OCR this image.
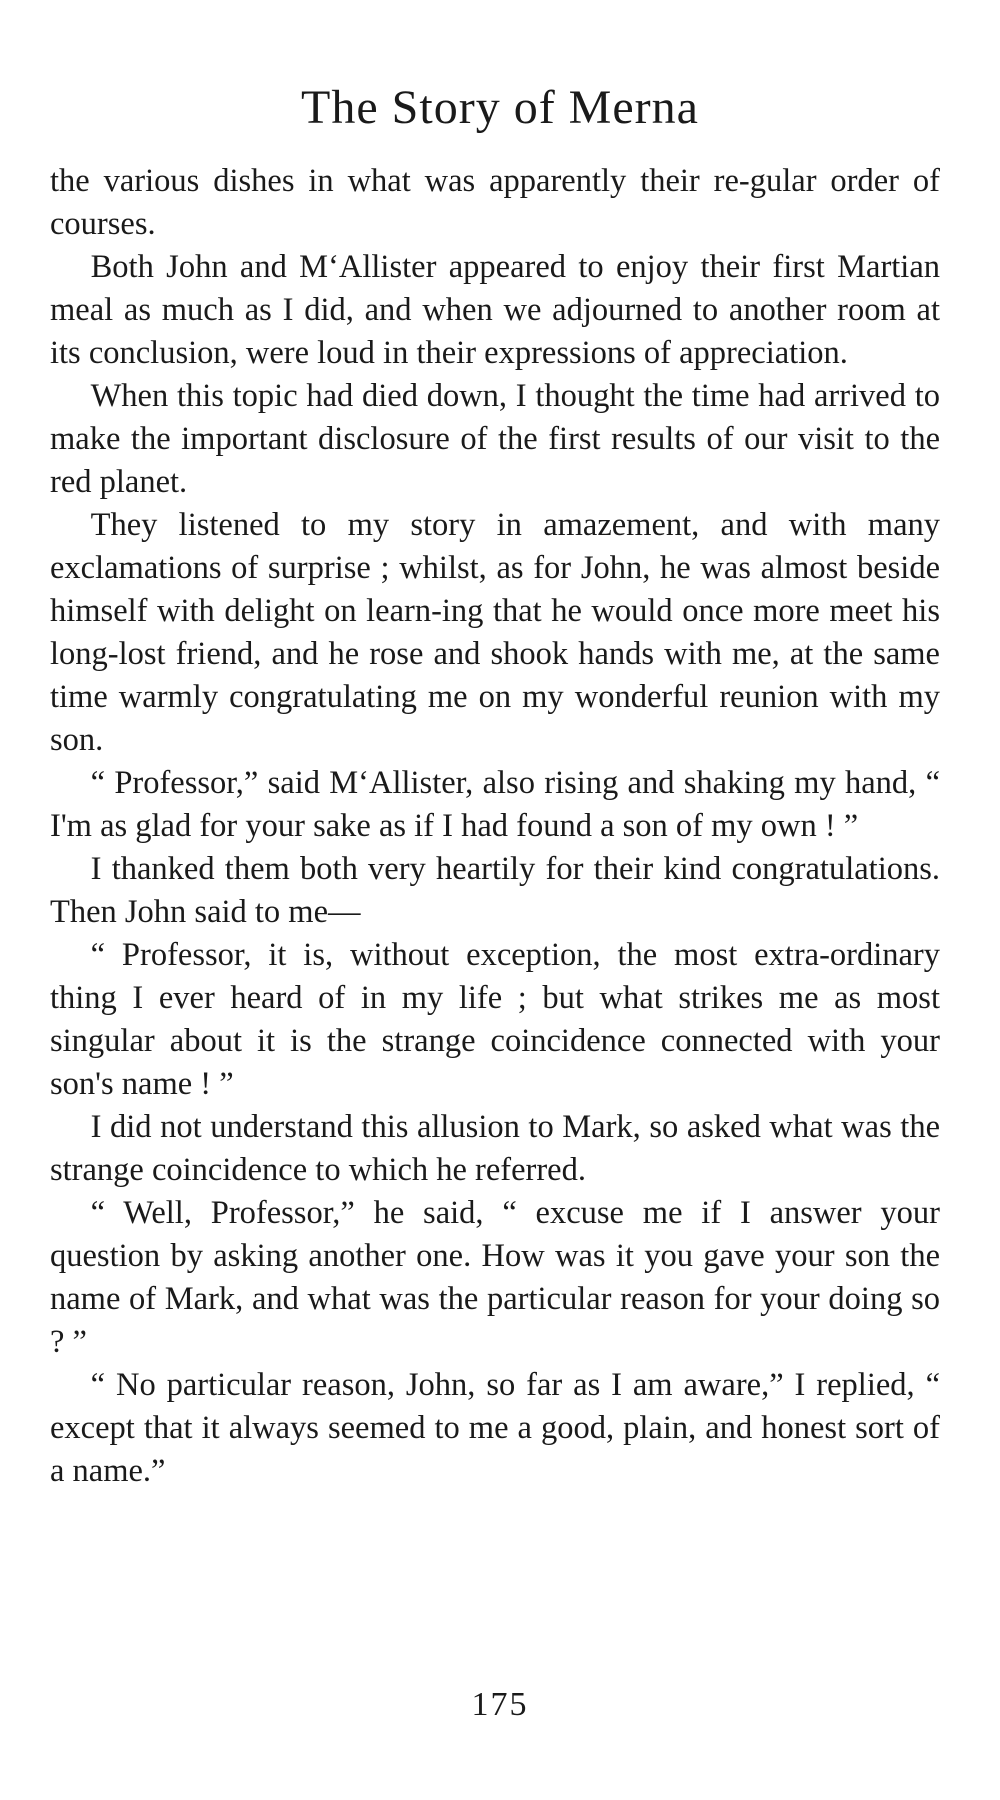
The Story of Merna

the various dishes in what was apparently their re-gular order of courses.

Both John and M‘Allister appeared to enjoy their first Martian meal as much as I did, and when we adjourned to another room at its conclusion, were loud in their expressions of appreciation.

When this topic had died down, I thought the time had arrived to make the important disclosure of the first results of our visit to the red planet.

They listened to my story in amazement, and with many exclamations of surprise ; whilst, as for John, he was almost beside himself with delight on learn-ing that he would once more meet his long-lost friend, and he rose and shook hands with me, at the same time warmly congratulating me on my wonderful reunion with my son.

“ Professor,” said M‘Allister, also rising and shaking my hand, “ I'm as glad for your sake as if I had found a son of my own ! ”

I thanked them both very heartily for their kind congratulations. Then John said to me—

“ Professor, it is, without exception, the most extra-ordinary thing I ever heard of in my life ; but what strikes me as most singular about it is the strange coincidence connected with your son's name ! ”

I did not understand this allusion to Mark, so asked what was the strange coincidence to which he referred.

“ Well, Professor,” he said, “ excuse me if I answer your question by asking another one. How was it you gave your son the name of Mark, and what was the particular reason for your doing so ? ”

“ No particular reason, John, so far as I am aware,” I replied, “ except that it always seemed to me a good, plain, and honest sort of a name.”

175
